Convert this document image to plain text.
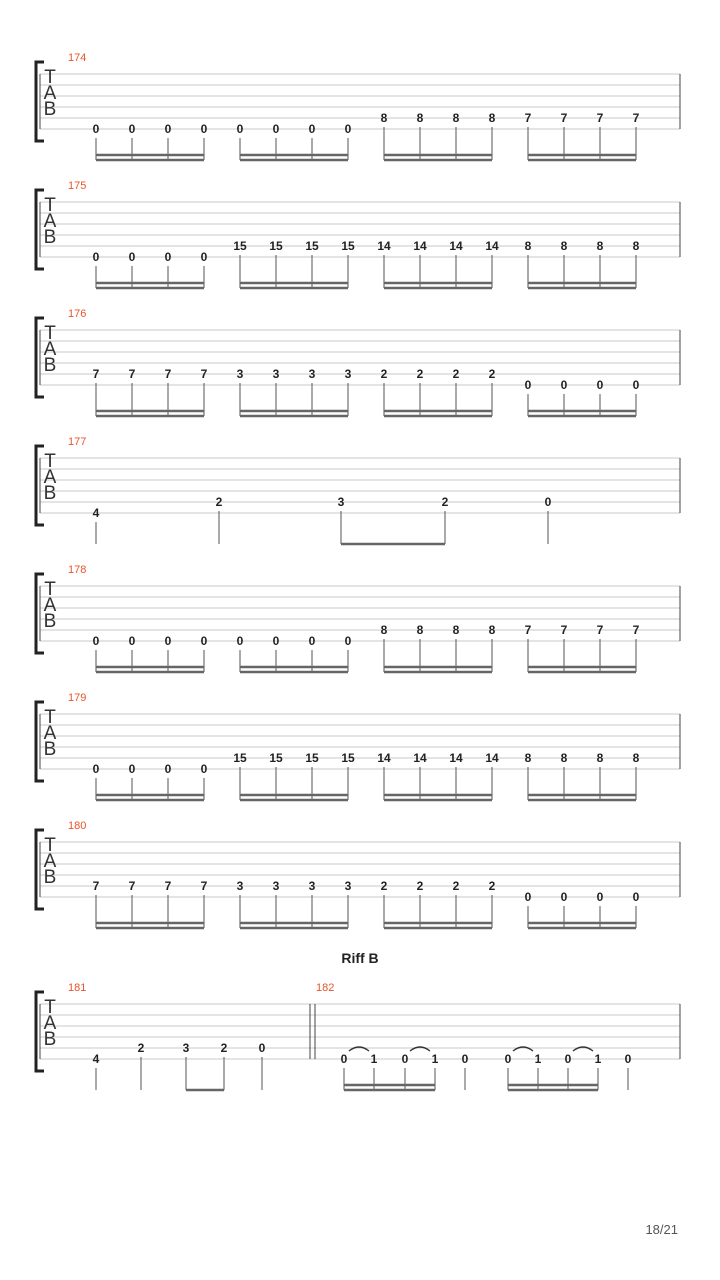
T
A
B
174
0 0 0 0 0 0 0 0
8 8 8 8 7 7 7 7
T
A
B
175
0 0 0 0
15 15 15 15 14 14 14 14 8 8 8 8
T
A
B
176
7 7 7 7 3 3 3 3 2 2 2 2
0 0 0 0
T
A
B
177
4
2	3	2	0
T
A
B
178
0 0 0 0 0 0 0 0
8 8 8 8 7 7 7 7
T
A
B
179
0 0 0 0
15 15 15 15 14 14 14 14 8 8 8 8
T
A
B
180
7 7 7 7 3 3 3 3 2 2 2 2
0 0 0 0
T
A
B
Riff B
181
4
2	3	2	0
182
0 1 0 1 0	0 1 0 1 0
18/21
